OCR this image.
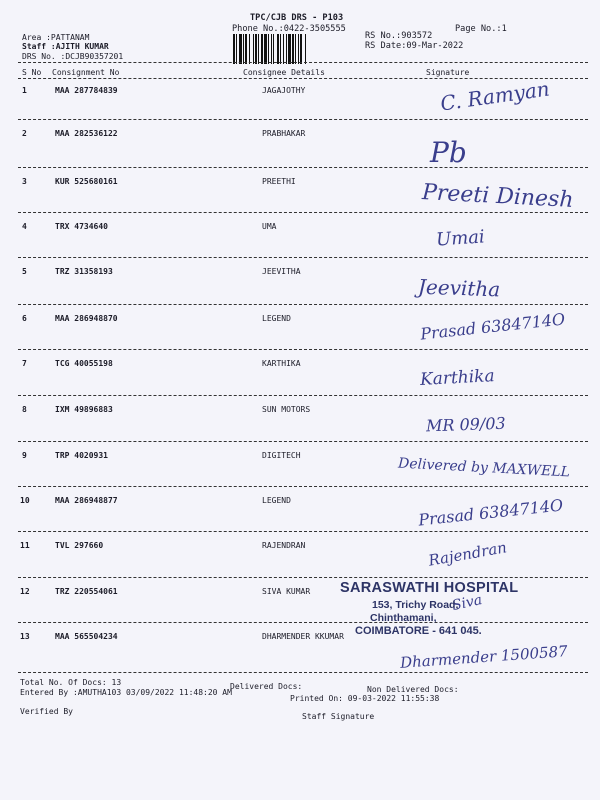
TPC/CJB DRS - P103
Phone No.:0422-3505555	Page No.:1
Area :PATTANAM
Staff :AJITH KUMAR
DRS No. :DCJB90357201
RS No.:903572
RS Date:09-Mar-2022
S No Consignment No	Consignee Details	Signature
1	MAA 287784839	JAGAJOTHY	C. Ramyan
2	MAA 282536122	PRABHAKAR
Pb
3	KUR 525680161	PREETHI	Preeti Dinesh
4	TRX 4734640	UMA	Umai
5	TRZ 31358193	JEEVITHA
Jeevitha
6	MAA 286948870	LEGEND	Prasad 6384714O
7	TCG 40055198	KARTHIKA
Karthika
8	IXM 49896883	SUN MOTORS
MR 09/03
9	TRP 4020931	DIGITECH
Delivered by MAXWELL
10	MAA 286948877	LEGEND	Prasad 6384714O
11	TVL 297660	RAJENDRAN	Rajendran
12	TRZ 220554061	SIVA KUMAR
Siva
13	MAA 565504234	DHARMENDER KKUMAR
Dharmender 1500587
SARASWATHI HOSPITAL
153, Trichy Road,
Chinthamani,
COIMBATORE - 641 045.
Total No. Of Docs: 13	Delivered Docs:	Non Delivered Docs:
Entered By :AMUTHA103 03/09/2022 11:48:20 AM
Printed On: 09-03-2022 11:55:38
Verified By
Staff Signature
